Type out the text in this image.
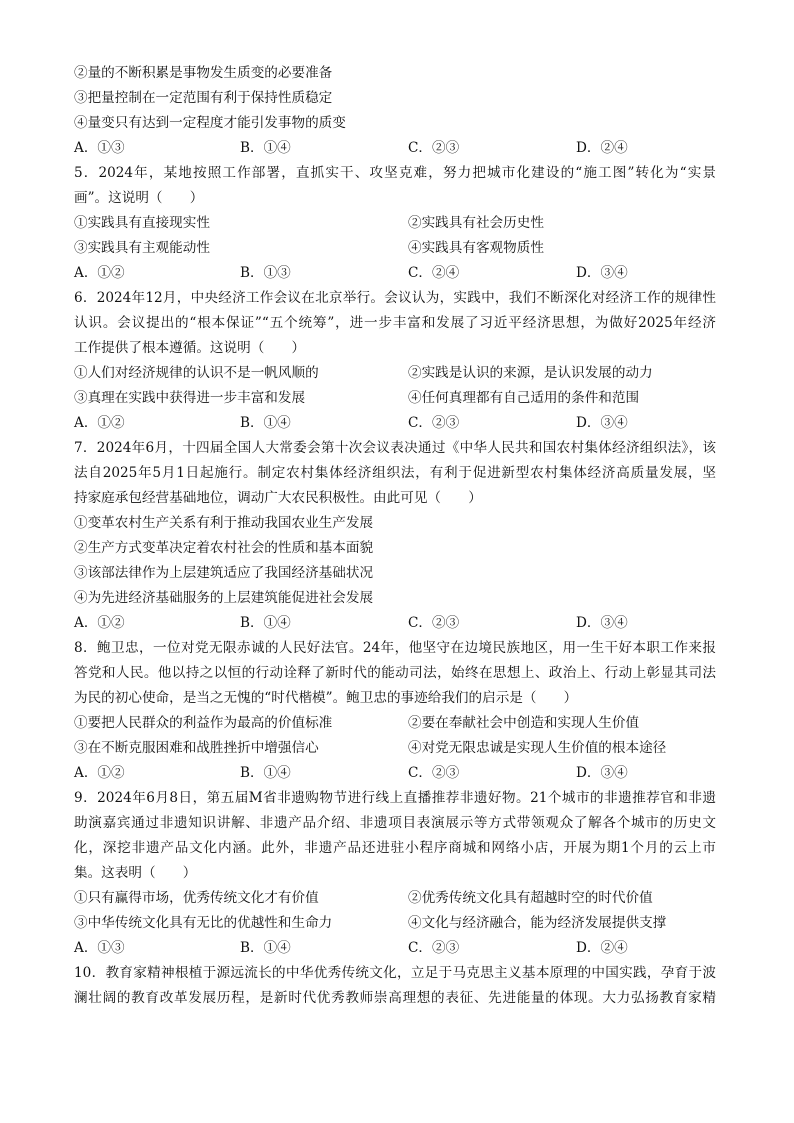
②量的不断积累是事物发生质变的必要准备
③把量控制在一定范围有利于保持性质稳定
④量变只有达到一定程度才能引发事物的质变
A．①③	B．①④	C．②③	D．②④
5．2024年，某地按照工作部署，直抓实干、攻坚克难，努力把城市化建设的“施工图”转化为“实景
画”。这说明（　　）
①实践具有直接现实性	②实践具有社会历史性
③实践具有主观能动性	④实践具有客观物质性
A．①②	B．①③	C．②④	D．③④
6．2024年12月，中央经济工作会议在北京举行。会议认为，实践中，我们不断深化对经济工作的规律性
认识。会议提出的“根本保证”“五个统筹”，进一步丰富和发展了习近平经济思想，为做好2025年经济
工作提供了根本遵循。这说明（　　）
①人们对经济规律的认识不是一帆风顺的	②实践是认识的来源，是认识发展的动力
③真理在实践中获得进一步丰富和发展	④任何真理都有自己适用的条件和范围
A．①②	B．①④	C．②③	D．③④
7．2024年6月，十四届全国人大常委会第十次会议表决通过《中华人民共和国农村集体经济组织法》，该
法自2025年5月1日起施行。制定农村集体经济组织法，有利于促进新型农村集体经济高质量发展，坚
持家庭承包经营基础地位，调动广大农民积极性。由此可见（　　）
①变革农村生产关系有利于推动我国农业生产发展
②生产方式变革决定着农村社会的性质和基本面貌
③该部法律作为上层建筑适应了我国经济基础状况
④为先进经济基础服务的上层建筑能促进社会发展
A．①②	B．①④	C．②③	D．③④
8．鲍卫忠，一位对党无限赤诚的人民好法官。24年，他坚守在边境民族地区，用一生干好本职工作来报
答党和人民。他以持之以恒的行动诠释了新时代的能动司法，始终在思想上、政治上、行动上彰显其司法
为民的初心使命，是当之无愧的“时代楷模”。鲍卫忠的事迹给我们的启示是（　　）
①要把人民群众的利益作为最高的价值标准	②要在奉献社会中创造和实现人生价值
③在不断克服困难和战胜挫折中增强信心	④对党无限忠诚是实现人生价值的根本途径
A．①②	B．①④	C．②③	D．③④
9．2024年6月8日，第五届M省非遗购物节进行线上直播推荐非遗好物。21个城市的非遗推荐官和非遗
助演嘉宾通过非遗知识讲解、非遗产品介绍、非遗项目表演展示等方式带领观众了解各个城市的历史文
化，深挖非遗产品文化内涵。此外，非遗产品还进驻小程序商城和网络小店，开展为期1个月的云上市
集。这表明（　　）
①只有赢得市场，优秀传统文化才有价值	②优秀传统文化具有超越时空的时代价值
③中华传统文化具有无比的优越性和生命力	④文化与经济融合，能为经济发展提供支撑
A．①③	B．①④	C．②③	D．②④
10．教育家精神根植于源远流长的中华优秀传统文化，立足于马克思主义基本原理的中国实践，孕育于波
澜壮阔的教育改革发展历程，是新时代优秀教师崇高理想的表征、先进能量的体现。大力弘扬教育家精
